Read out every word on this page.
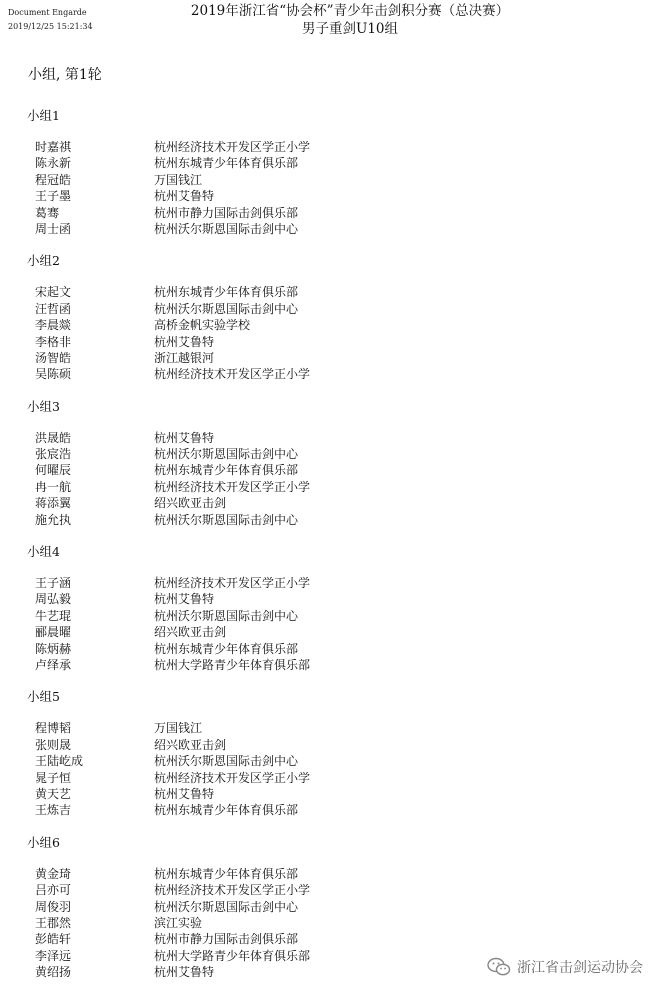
Document Engarde
2019/12/25 15:21:34
2019年浙江省“协会杯”青少年击剑积分赛（总决赛）
男子重剑U10组
小组, 第1轮
小组1
时嘉祺	杭州经济技术开发区学正小学
陈永新	杭州东城青少年体育俱乐部
程冠皓	万国钱江
王子墨	杭州艾鲁特
葛骞	杭州市静力国际击剑俱乐部
周士函	杭州沃尔斯恩国际击剑中心
小组2
宋起文	杭州东城青少年体育俱乐部
汪哲函	杭州沃尔斯恩国际击剑中心
李晨燚	高桥金帆实验学校
李格非	杭州艾鲁特
汤智皓	浙江越银河
吴陈硕	杭州经济技术开发区学正小学
小组3
洪晟皓	杭州艾鲁特
张宸浩	杭州沃尔斯恩国际击剑中心
何曜辰	杭州东城青少年体育俱乐部
冉一航	杭州经济技术开发区学正小学
蒋添翼	绍兴欧亚击剑
施允执	杭州沃尔斯恩国际击剑中心
小组4
王子涵	杭州经济技术开发区学正小学
周弘毅	杭州艾鲁特
牛艺琨	杭州沃尔斯恩国际击剑中心
郦晨曜	绍兴欧亚击剑
陈炳赫	杭州东城青少年体育俱乐部
卢绎承	杭州大学路青少年体育俱乐部
小组5
程博韬	万国钱江
张则晟	绍兴欧亚击剑
王陆屹成	杭州沃尔斯恩国际击剑中心
晁子恒	杭州经济技术开发区学正小学
黄天艺	杭州艾鲁特
王炼吉	杭州东城青少年体育俱乐部
小组6
黄金琦	杭州东城青少年体育俱乐部
吕亦可	杭州经济技术开发区学正小学
周俊羽	杭州沃尔斯恩国际击剑中心
王郡然	滨江实验
彭皓轩	杭州市静力国际击剑俱乐部
李泽远	杭州大学路青少年体育俱乐部
黄绍扬	杭州艾鲁特	浙江省击剑运动协会
